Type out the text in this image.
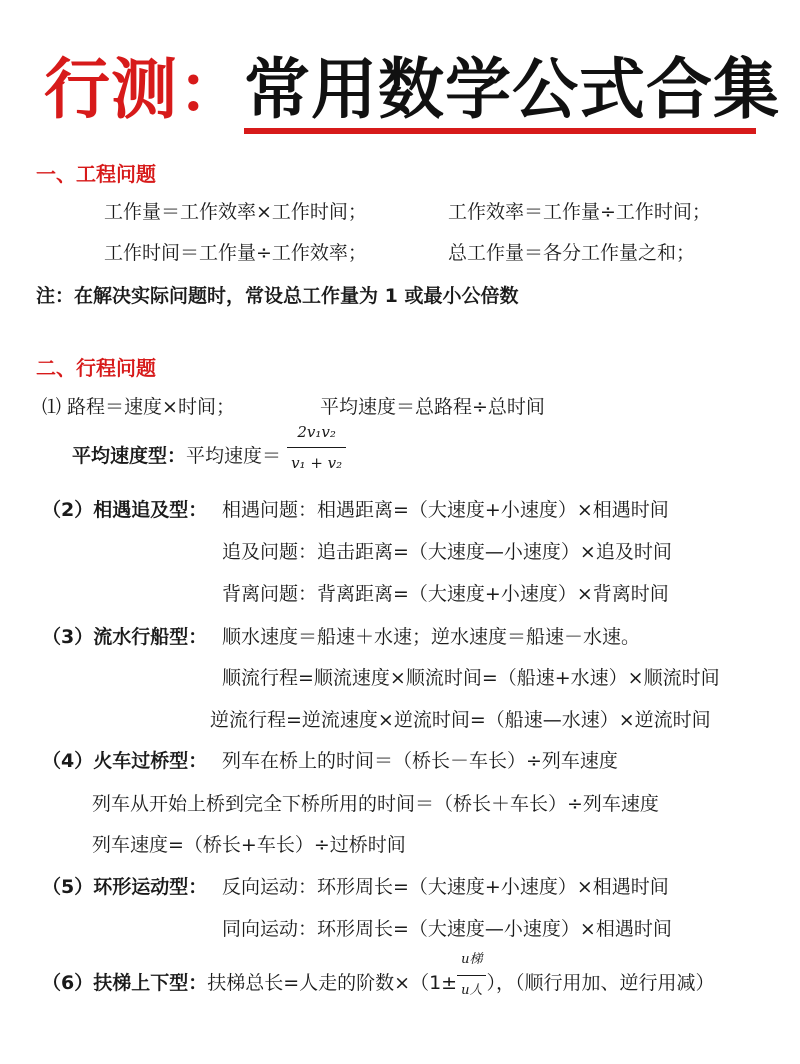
行测： 常用数学公式合集
一、工程问题
工作量＝工作效率×工作时间；	工作效率＝工作量÷工作时间；
工作时间＝工作量÷工作效率；	总工作量＝各分工作量之和；
注：在解决实际问题时，常设总工作量为 1 或最小公倍数
二、行程问题
⑴ 路程＝速度×时间；	平均速度＝总路程÷总时间
平均速度型：平均速度＝ $\frac{\text{2v₁v₂}}{\text{v₁ + v₂}}$
（2）相遇追及型： 相遇问题：相遇距离=（大速度+小速度）×相遇时间
追及问题：追击距离=（大速度—小速度）×追及时间
背离问题：背离距离=（大速度+小速度）×背离时间
（3）流水行船型： 顺水速度＝船速＋水速；逆水速度＝船速－水速。
顺流行程=顺流速度×顺流时间=（船速+水速）×顺流时间
逆流行程=逆流速度×逆流时间=（船速—水速）×逆流时间
（4）火车过桥型： 列车在桥上的时间＝（桥长－车长）÷列车速度
列车从开始上桥到完全下桥所用的时间＝（桥长＋车长）÷列车速度
列车速度=（桥长+车长）÷过桥时间
（5）环形运动型： 反向运动：环形周长=（大速度+小速度）×相遇时间
同向运动：环形周长=（大速度—小速度）×相遇时间
（6）扶梯上下型：扶梯总长=人走的阶数$\times(1\pm \frac{\text{u梯}}{\text{u人}}$ ），（顺行用加、逆行用减）
